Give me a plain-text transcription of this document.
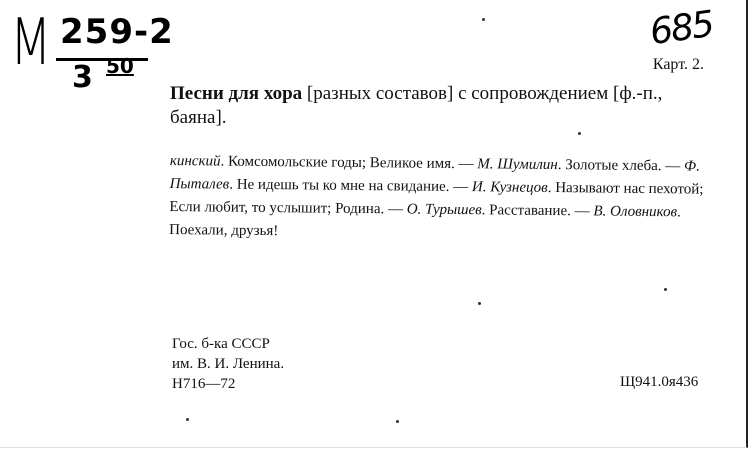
М 259-2
3 50
685
Карт. 2.

Песни для хора [разных составов] с сопровождением [ф.-п., баяна].

кинский. Комсомольские годы; Великое имя. — М. Шумилин. Золотые хлеба. — Ф. Пыталев. Не идешь ты ко мне на свидание. — И. Кузнецов. Называют нас пехотой; Если любит, то услышит; Родина. — О. Турышев. Расставание. — В. Оловников. Поехали, друзья!

Гос. б-ка СССР
им. В. И. Ленина.
Н716—72	Щ941.0я436
